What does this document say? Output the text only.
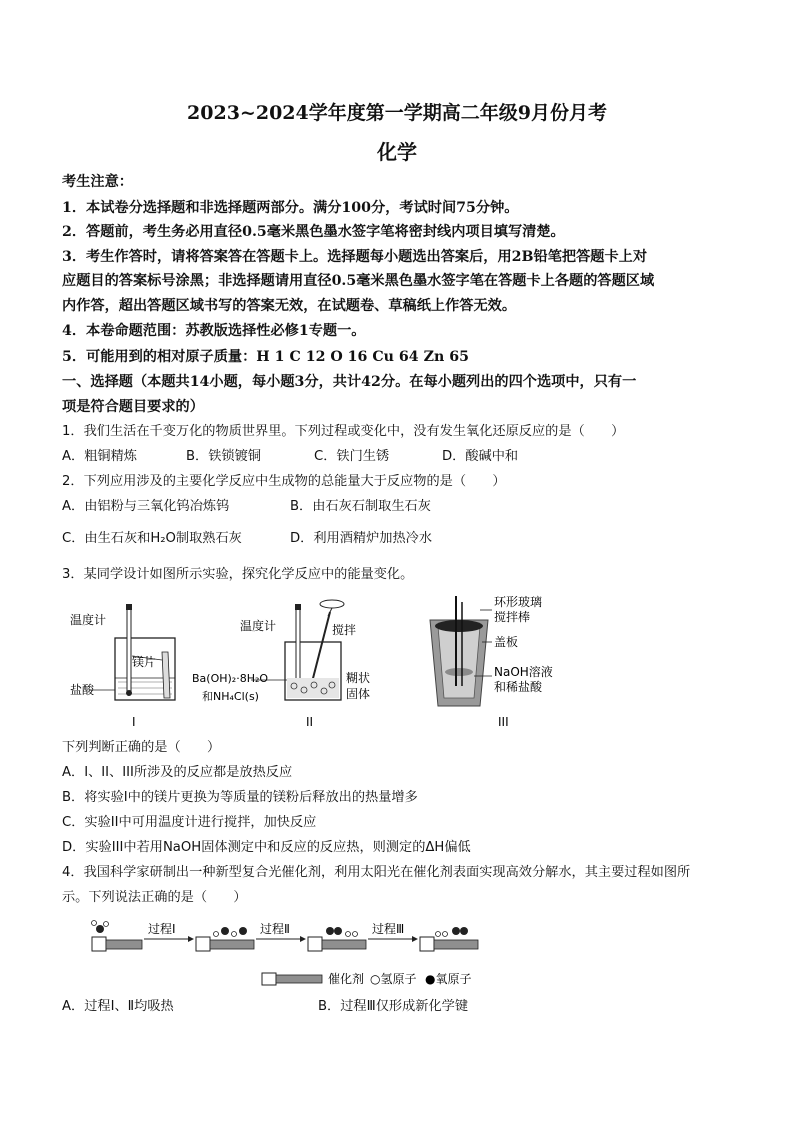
2023~2024学年度第一学期高二年级9月份月考
化学
考生注意：
1．本试卷分选择题和非选择题两部分。满分100分，考试时间75分钟。
2．答题前，考生务必用直径0.5毫米黑色墨水签字笔将密封线内项目填写清楚。
3．考生作答时，请将答案答在答题卡上。选择题每小题选出答案后，用2B铅笔把答题卡上对
应题目的答案标号涂黑；非选择题请用直径0.5毫米黑色墨水签字笔在答题卡上各题的答题区域
内作答，超出答题区域书写的答案无效，在试题卷、草稿纸上作答无效。
4．本卷命题范围：苏教版选择性必修1专题一。
5．可能用到的相对原子质量：H 1 C 12 O 16 Cu 64 Zn 65
一、选择题（本题共14小题，每小题3分，共计42分。在每小题列出的四个选项中，只有一
项是符合题目要求的）
1．我们生活在千变万化的物质世界里。下列过程或变化中，没有发生氧化还原反应的是（　　）
A．粗铜精炼	B．铁锁镀铜	C．铁门生锈	D．酸碱中和
2．下列应用涉及的主要化学反应中生成物的总能量大于反应物的是（　　）
A．由铝粉与三氧化钨冶炼钨	B．由石灰石制取生石灰
C．由生石灰和H₂O制取熟石灰	D．利用酒精炉加热冷水
3．某同学设计如图所示实验，探究化学反应中的能量变化。
温度计
镁片
盐酸
I
温度计	搅拌
Ba(OH)₂·8H₂O
和NH₄Cl(s)
糊状
固体
II
环形玻璃
搅拌棒
盖板
NaOH溶液
和稀盐酸
III
下列判断正确的是（　　）
A．I、II、III所涉及的反应都是放热反应
B．将实验I中的镁片更换为等质量的镁粉后释放出的热量增多
C．实验II中可用温度计进行搅拌，加快反应
D．实验III中若用NaOH固体测定中和反应的反应热，则测定的ΔH偏低
4．我国科学家研制出一种新型复合光催化剂，利用太阳光在催化剂表面实现高效分解水，其主要过程如图所
示。下列说法正确的是（　　）
过程Ⅰ	过程Ⅱ	过程Ⅲ
催化剂 ○氢原子 ●氧原子
A．过程Ⅰ、Ⅱ均吸热	B．过程Ⅲ仅形成新化学键
